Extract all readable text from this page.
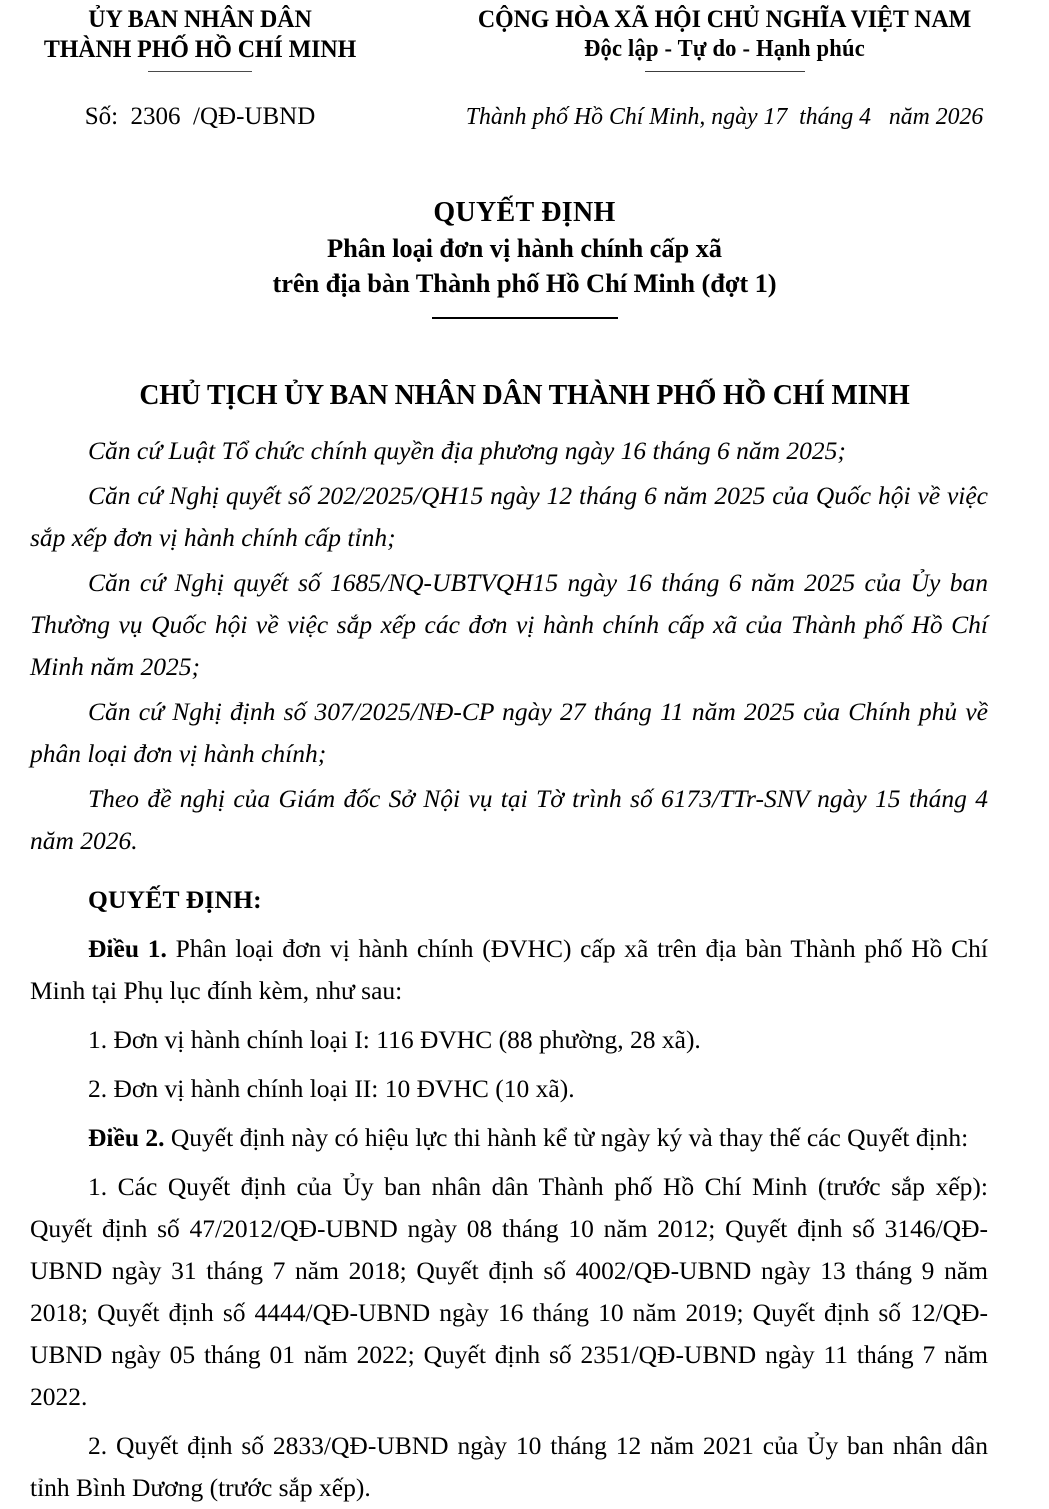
ỦY BAN NHÂN DÂN
THÀNH PHỐ HỒ CHÍ MINH
CỘNG HÒA XÃ HỘI CHỦ NGHĨA VIỆT NAM
Độc lập - Tự do - Hạnh phúc
Số:  2306  /QĐ-UBND	Thành phố Hồ Chí Minh, ngày 17  tháng 4   năm 2026
QUYẾT ĐỊNH
Phân loại đơn vị hành chính cấp xã
trên địa bàn Thành phố Hồ Chí Minh (đợt 1)
CHỦ TỊCH ỦY BAN NHÂN DÂN THÀNH PHỐ HỒ CHÍ MINH

Căn cứ Luật Tổ chức chính quyền địa phương ngày 16 tháng 6 năm 2025;

Căn cứ Nghị quyết số 202/2025/QH15 ngày 12 tháng 6 năm 2025 của Quốc hội về việc sắp xếp đơn vị hành chính cấp tỉnh;

Căn cứ Nghị quyết số 1685/NQ-UBTVQH15 ngày 16 tháng 6 năm 2025 của Ủy ban Thường vụ Quốc hội về việc sắp xếp các đơn vị hành chính cấp xã của Thành phố Hồ Chí Minh năm 2025;

Căn cứ Nghị định số 307/2025/NĐ-CP ngày 27 tháng 11 năm 2025 của Chính phủ về phân loại đơn vị hành chính;

Theo đề nghị của Giám đốc Sở Nội vụ tại Tờ trình số 6173/TTr-SNV ngày 15 tháng 4 năm 2026.

QUYẾT ĐỊNH:

Điều 1. Phân loại đơn vị hành chính (ĐVHC) cấp xã trên địa bàn Thành phố Hồ Chí Minh tại Phụ lục đính kèm, như sau:

1. Đơn vị hành chính loại I: 116 ĐVHC (88 phường, 28 xã).

2. Đơn vị hành chính loại II: 10 ĐVHC (10 xã).

Điều 2. Quyết định này có hiệu lực thi hành kể từ ngày ký và thay thế các Quyết định:

1. Các Quyết định của Ủy ban nhân dân Thành phố Hồ Chí Minh (trước sắp xếp): Quyết định số 47/2012/QĐ-UBND ngày 08 tháng 10 năm 2012; Quyết định số 3146/QĐ-UBND ngày 31 tháng 7 năm 2018; Quyết định số 4002/QĐ-UBND ngày 13 tháng 9 năm 2018; Quyết định số 4444/QĐ-UBND ngày 16 tháng 10 năm 2019; Quyết định số 12/QĐ-UBND ngày 05 tháng 01 năm 2022; Quyết định số 2351/QĐ-UBND ngày 11 tháng 7 năm 2022.

2. Quyết định số 2833/QĐ-UBND ngày 10 tháng 12 năm 2021 của Ủy ban nhân dân tỉnh Bình Dương (trước sắp xếp).
